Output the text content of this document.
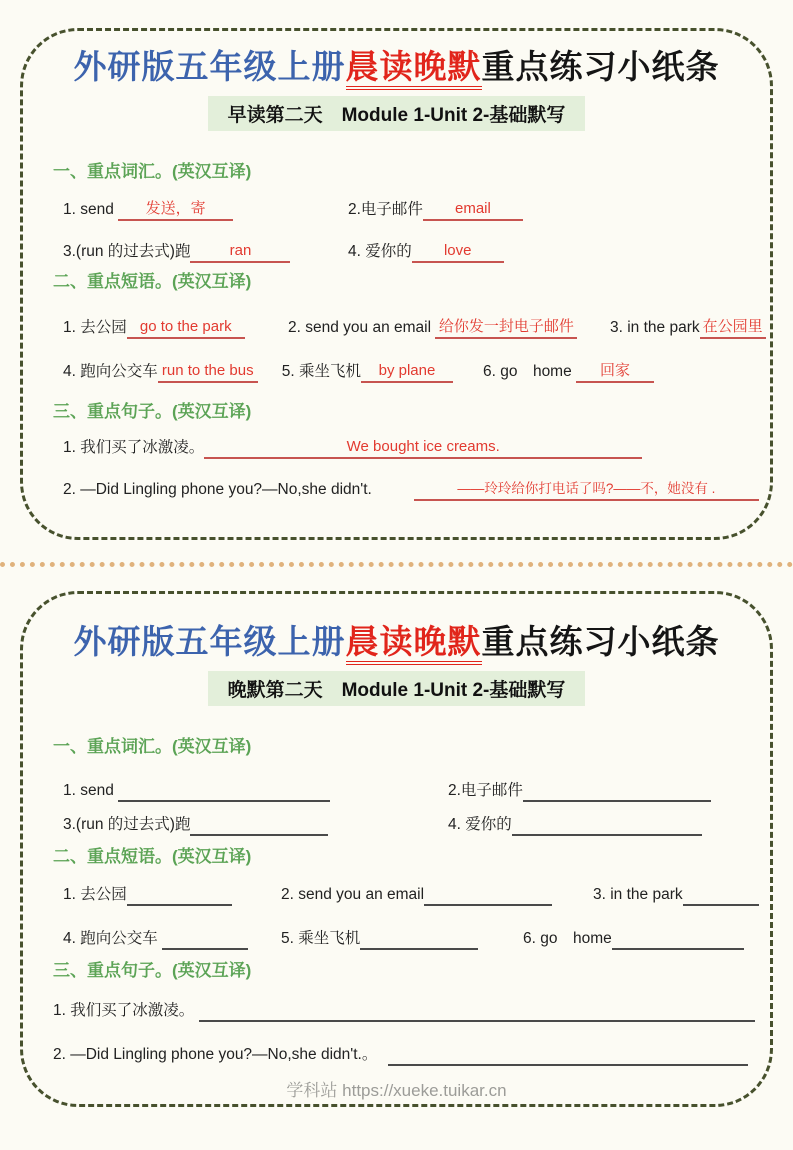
外研版五年级上册晨读晚默重点练习小纸条
早读第二天　Module 1-Unit 2-基础默写
一、重点词汇。(英汉互译)
1. send 发送，寄	2.电子邮件 email
3.(run 的过去式)跑	ran	4. 爱你的 love
二、重点短语。(英汉互译)
1. 去公园 go to the park	2. send you an email 给你发一封电子邮件	3. in the park 在公园里
4. 跑向公交车 run to the bus 5. 乘坐飞机 by plane	6. go　home 回家
三、重点句子。(英汉互译)
1. 我们买了冰激凌。	We bought ice creams.
2. —Did Lingling phone you?—No,she didn't.	——玲玲给你打电话了吗?——不，她没有 .
外研版五年级上册晨读晚默重点练习小纸条
晚默第二天　Module 1-Unit 2-基础默写
一、重点词汇。(英汉互译)
1. send	2.电子邮件
3.(run 的过去式)跑	4. 爱你的
二、重点短语。(英汉互译)
1. 去公园	2. send you an email	3. in the park
4. 跑向公交车	5. 乘坐飞机	6. go　home
三、重点句子。(英汉互译)
1. 我们买了冰激凌。
2. —Did Lingling phone you?—No,she didn't.。
学科站 https://xueke.tuikar.cn
